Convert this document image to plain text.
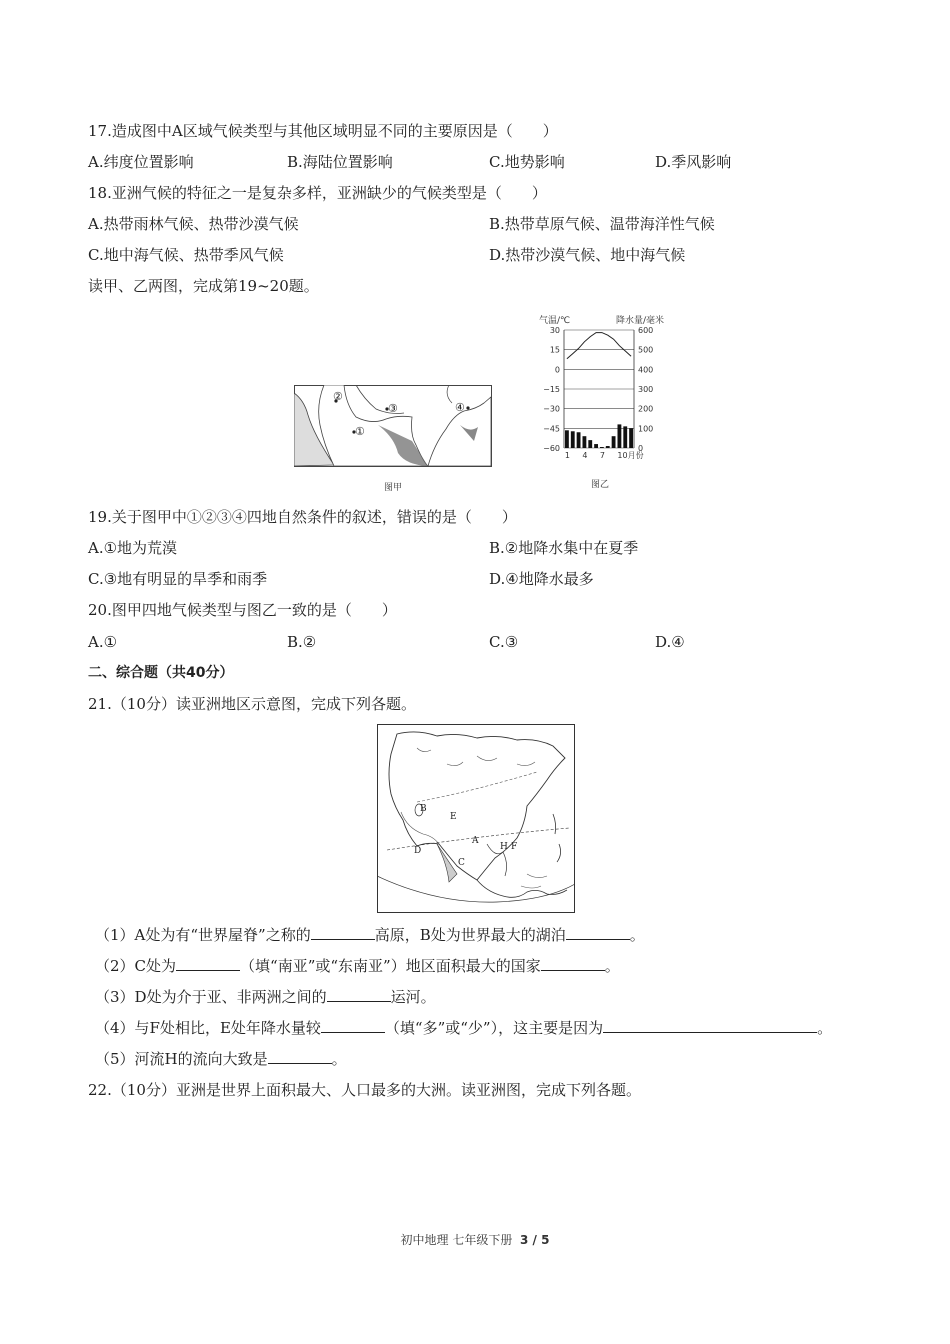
17.造成图中A区域气候类型与其他区域明显不同的主要原因是（　　）
A.纬度位置影响	B.海陆位置影响	C.地势影响	D.季风影响
18.亚洲气候的特征之一是复杂多样，亚洲缺少的气候类型是（　　）
A.热带雨林气候、热带沙漠气候	B.热带草原气候、温带海洋性气候
C.地中海气候、热带季风气候	D.热带沙漠气候、地中海气候
读甲、乙两图，完成第19~20题。
②
③	④
①
图甲
气温/℃	降水量/毫米
30
15
0
−15
−30
−45
−60
600
500
400
300
200
100
0
1 4 7 10月份
图乙
19.关于图甲中①②③④四地自然条件的叙述，错误的是（　　）
A.①地为荒漠	B.②地降水集中在夏季
C.③地有明显的旱季和雨季	D.④地降水最多
20.图甲四地气候类型与图乙一致的是（　　）
A.①	B.②	C.③	D.④
二、综合题（共40分）
21.（10分）读亚洲地区示意图，完成下列各题。
B
E
A
H F
D
C
（1）A处为有“世界屋脊”之称的	高原，B处为世界最大的湖泊	。
（2）C处为	（填“南亚”或“东南亚”）地区面积最大的国家	。
（3）D处为介于亚、非两洲之间的	运河。
（4）与F处相比，E处年降水量较	（填“多”或“少”），这主要是因为	。
（5）河流H的流向大致是	。
22.（10分）亚洲是世界上面积最大、人口最多的大洲。读亚洲图，完成下列各题。
初中地理 七年级下册 3 / 5
